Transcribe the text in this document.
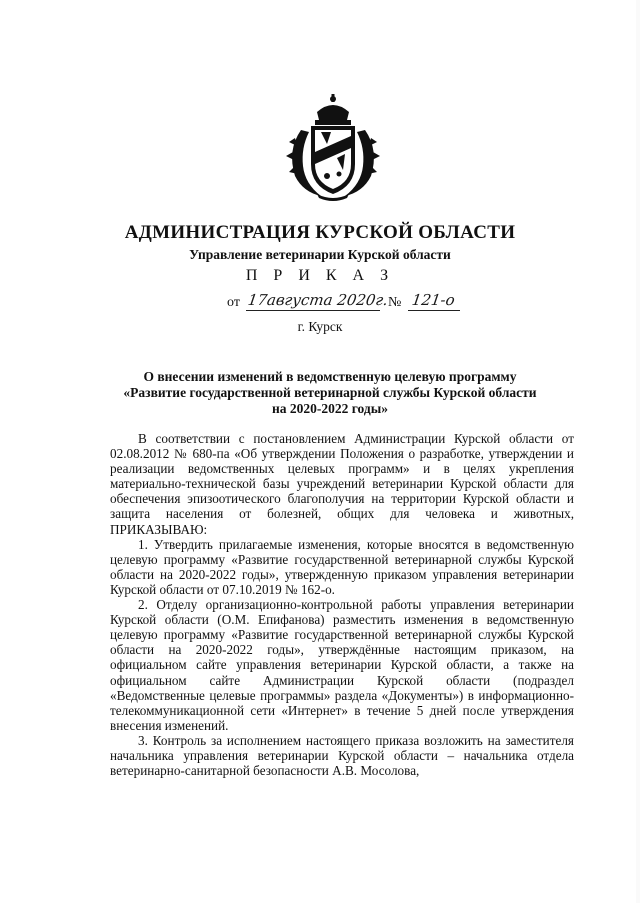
АДМИНИСТРАЦИЯ КУРСКОЙ ОБЛАСТИ
Управление ветеринарии Курской области
П Р И К А З
от 17августа 2020г.
№ 121-о
г. Курск
О внесении изменений в ведомственную целевую программу
«Развитие государственной ветеринарной службы Курской области
на 2020-2022 годы»

В соответствии с постановлением Администрации Курской области от 02.08.2012 № 680-па «Об утверждении Положения о разработке, утверждении и реализации ведомственных целевых программ» и в целях укрепления материально-технической базы учреждений ветеринарии Курской области для обеспечения эпизоотического благополучия на территории Курской области и защита населения от болезней, общих для человека и животных, ПРИКАЗЫВАЮ:

1. Утвердить прилагаемые изменения, которые вносятся в ведомственную целевую программу «Развитие государственной ветеринарной службы Курской области на 2020-2022 годы», утвержденную приказом управления ветеринарии Курской области от 07.10.2019 № 162-о.

2. Отделу организационно-контрольной работы управления ветеринарии Курской области (О.М. Епифанова) разместить изменения в ведомственную целевую программу «Развитие государственной ветеринарной службы Курской области на 2020-2022 годы», утверждённые настоящим приказом, на официальном сайте управления ветеринарии Курской области, а также на официальном сайте Администрации Курской области (подраздел «Ведомственные целевые программы» раздела «Документы») в информационно-телекоммуникационной сети «Интернет» в течение 5 дней после утверждения внесения изменений.

3. Контроль за исполнением настоящего приказа возложить на заместителя начальника управления ветеринарии Курской области – начальника отдела ветеринарно-санитарной безопасности А.В. Мосолова,
